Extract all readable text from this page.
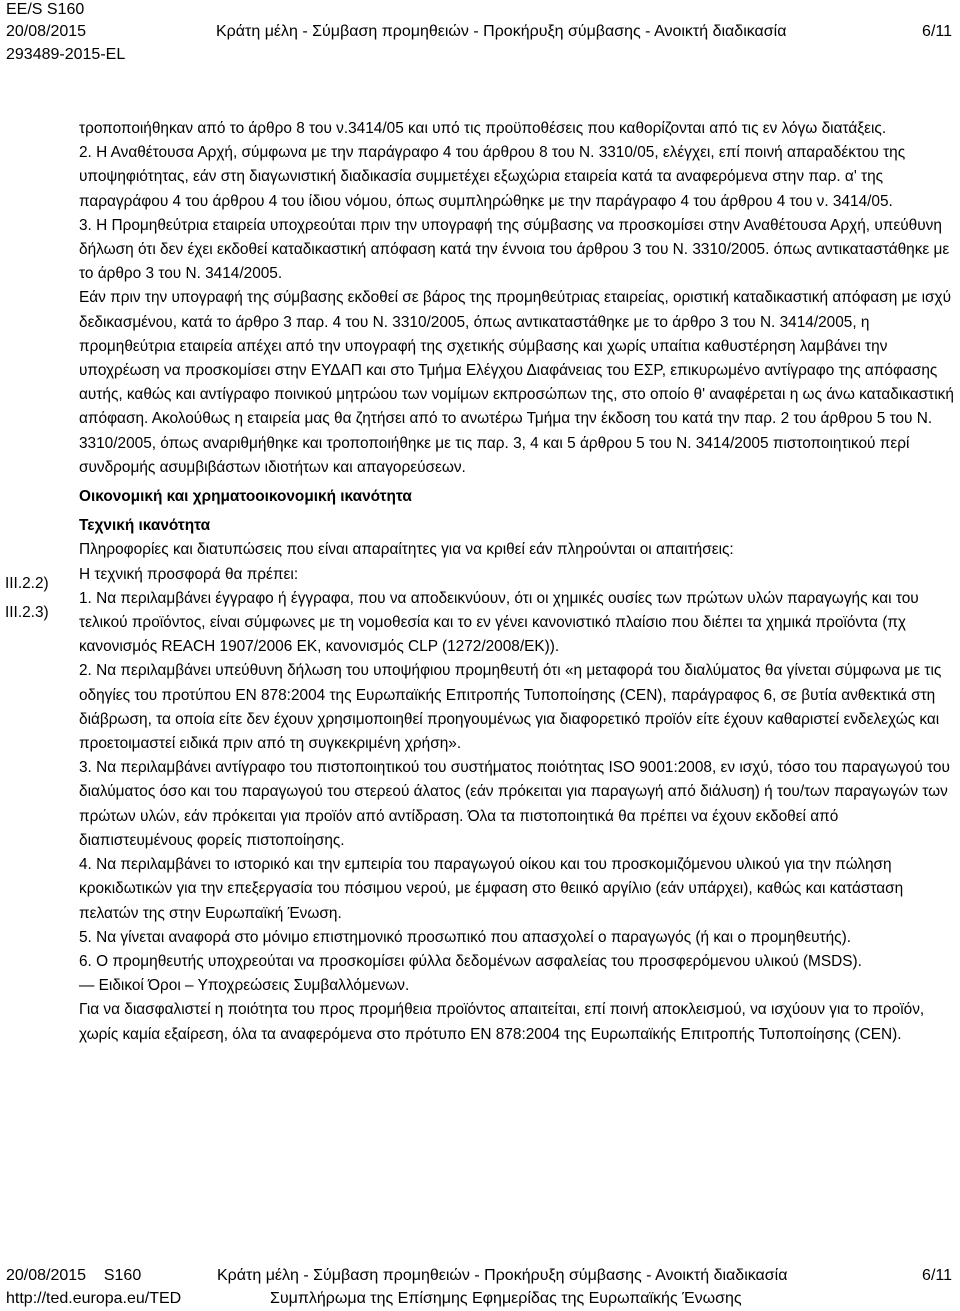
EE/S S160
20/08/2015
293489-2015-EL
Κράτη μέλη - Σύμβαση προμηθειών - Προκήρυξη σύμβασης - Ανοικτή διαδικασία	6/11
III.2.2)
III.2.3)

τροποποιήθηκαν από το άρθρο 8 του ν.3414/05 και υπό τις προϋποθέσεις που καθορίζονται από τις εν λόγω διατάξεις.

2. Η Αναθέτουσα Αρχή, σύμφωνα με την παράγραφο 4 του άρθρου 8 του Ν. 3310/05, ελέγχει, επί ποινή απαραδέκτου της υποψηφιότητας, εάν στη διαγωνιστική διαδικασία συμμετέχει εξωχώρια εταιρεία κατά τα αναφερόμενα στην παρ. α' της παραγράφου 4 του άρθρου 4 του ίδιου νόμου, όπως συμπληρώθηκε με την παράγραφο 4 του άρθρου 4 του ν. 3414/05.

3. Η Προμηθεύτρια εταιρεία υποχρεούται πριν την υπογραφή της σύμβασης να προσκομίσει στην Αναθέτουσα Αρχή, υπεύθυνη δήλωση ότι δεν έχει εκδοθεί καταδικαστική απόφαση κατά την έννοια του άρθρου 3 του Ν. 3310/2005. όπως αντικαταστάθηκε με το άρθρο 3 του Ν. 3414/2005.

Εάν πριν την υπογραφή της σύμβασης εκδοθεί σε βάρος της προμηθεύτριας εταιρείας, οριστική καταδικαστική απόφαση με ισχύ δεδικασμένου, κατά το άρθρο 3 παρ. 4 του Ν. 3310/2005, όπως αντικαταστάθηκε με το άρθρο 3 του Ν. 3414/2005, η προμηθεύτρια εταιρεία απέχει από την υπογραφή της σχετικής σύμβασης και χωρίς υπαίτια καθυστέρηση λαμβάνει την υποχρέωση να προσκομίσει στην ΕΥΔΑΠ και στο Τμήμα Ελέγχου Διαφάνειας του ΕΣΡ, επικυρωμένο αντίγραφο της απόφασης αυτής, καθώς και αντίγραφο ποινικού μητρώου των νομίμων εκπροσώπων της, στο οποίο θ' αναφέρεται η ως άνω καταδικαστική απόφαση. Ακολούθως η εταιρεία μας θα ζητήσει από το ανωτέρω Τμήμα την έκδοση του κατά την παρ. 2 του άρθρου 5 του Ν. 3310/2005, όπως αναριθμήθηκε και τροποποιήθηκε με τις παρ. 3, 4 και 5 άρθρου 5 του Ν. 3414/2005 πιστοποιητικού περί συνδρομής ασυμβιβάστων ιδιοτήτων και απαγορεύσεων.

Οικονομική και χρηματοοικονομική ικανότητα

Τεχνική ικανότητα

Πληροφορίες και διατυπώσεις που είναι απαραίτητες για να κριθεί εάν πληρούνται οι απαιτήσεις:

Η τεχνική προσφορά θα πρέπει:

1. Να περιλαμβάνει έγγραφο ή έγγραφα, που να αποδεικνύουν, ότι οι χημικές ουσίες των πρώτων υλών παραγωγής και του τελικού προϊόντος, είναι σύμφωνες με τη νομοθεσία και το εν γένει κανονιστικό πλαίσιο που διέπει τα χημικά προϊόντα (πχ κανονισμός REACH 1907/2006 ΕΚ, κανονισμός CLP (1272/2008/ΕΚ)).

2. Να περιλαμβάνει υπεύθυνη δήλωση του υποψήφιου προμηθευτή ότι «η μεταφορά του διαλύματος θα γίνεται σύμφωνα με τις οδηγίες του προτύπου ΕΝ 878:2004 της Ευρωπαϊκής Επιτροπής Τυποποίησης (CEN), παράγραφος 6, σε βυτία ανθεκτικά στη διάβρωση, τα οποία είτε δεν έχουν χρησιμοποιηθεί προηγουμένως για διαφορετικό προϊόν είτε έχουν καθαριστεί ενδελεχώς και προετοιμαστεί ειδικά πριν από τη συγκεκριμένη χρήση».

3. Να περιλαμβάνει αντίγραφο του πιστοποιητικού του συστήματος ποιότητας ISO 9001:2008, εν ισχύ, τόσο του παραγωγού του διαλύματος όσο και του παραγωγού του στερεού άλατος (εάν πρόκειται για παραγωγή από διάλυση) ή του/των παραγωγών των πρώτων υλών, εάν πρόκειται για προϊόν από αντίδραση. Όλα τα πιστοποιητικά θα πρέπει να έχουν εκδοθεί από διαπιστευμένους φορείς πιστοποίησης.

4. Να περιλαμβάνει το ιστορικό και την εμπειρία του παραγωγού οίκου και του προσκομιζόμενου υλικού για την πώληση κροκιδωτικών για την επεξεργασία του πόσιμου νερού, με έμφαση στο θειικό αργίλιο (εάν υπάρχει), καθώς και κατάσταση πελατών της στην Ευρωπαϊκή Ένωση.

5. Να γίνεται αναφορά στο μόνιμο επιστημονικό προσωπικό που απασχολεί ο παραγωγός (ή και ο προμηθευτής).

6. Ο προμηθευτής υποχρεούται να προσκομίσει φύλλα δεδομένων ασφαλείας του προσφερόμενου υλικού (MSDS).

— Ειδικοί Όροι – Υποχρεώσεις Συμβαλλόμενων.

Για να διασφαλιστεί η ποιότητα του προς προμήθεια προϊόντος απαιτείται, επί ποινή αποκλεισμού, να ισχύουν για το προϊόν, χωρίς καμία εξαίρεση, όλα τα αναφερόμενα στο πρότυπο ΕΝ 878:2004 της Ευρωπαϊκής Επιτροπής Τυποποίησης (CEN).

20/08/2015 S160
http://ted.europa.eu/TED
Κράτη μέλη - Σύμβαση προμηθειών - Προκήρυξη σύμβασης - Ανοικτή διαδικασία
Συμπλήρωμα της Επίσημης Εφημερίδας της Ευρωπαϊκής Ένωσης
6/11
